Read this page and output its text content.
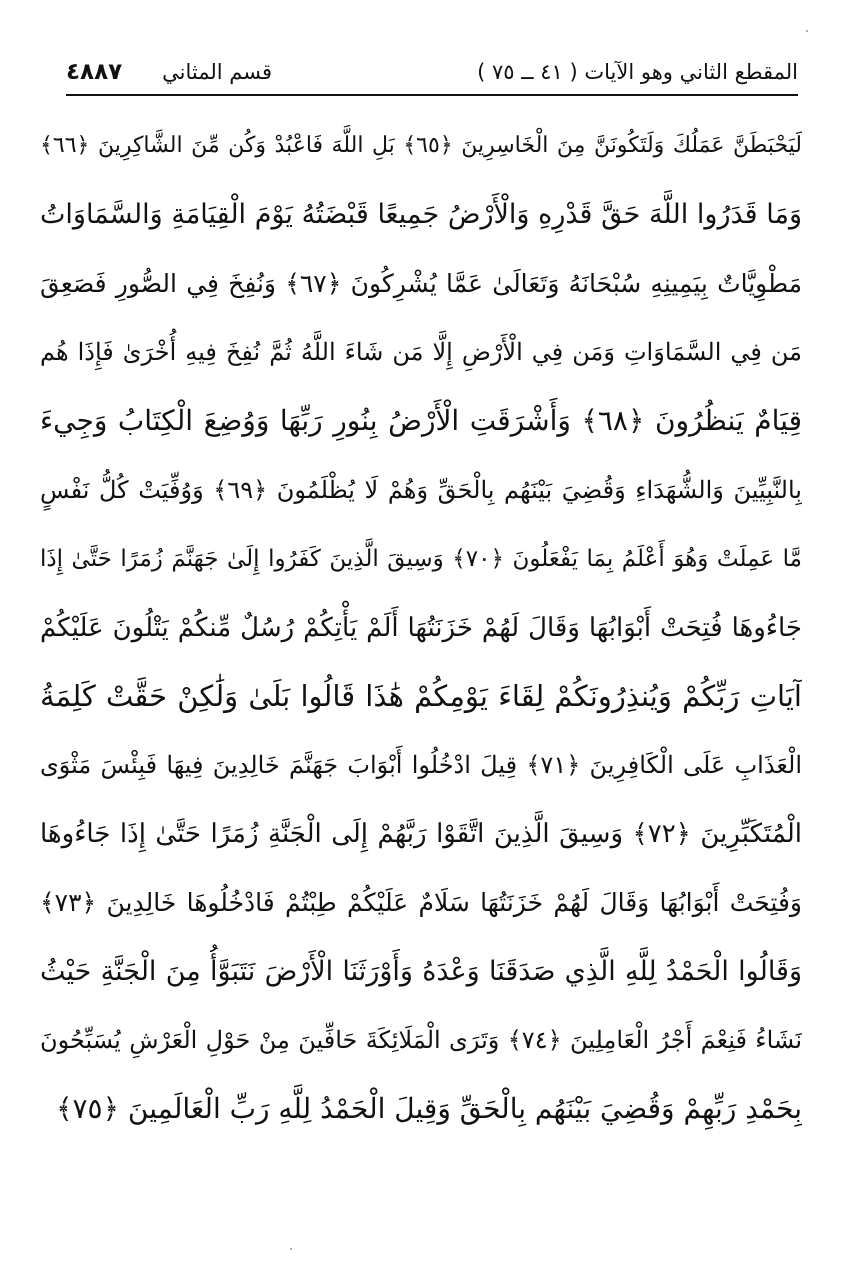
المقطع الثاني وهو الآيات ( ٤١ ــ ٧٥ )
قسم المثاني
٤٨٨٧
لَيَحْبَطَنَّ عَمَلُكَ وَلَتَكُونَنَّ مِنَ الْخَاسِرِينَ ﴿٦٥﴾ بَلِ اللَّهَ فَاعْبُدْ وَكُن مِّنَ الشَّاكِرِينَ ﴿٦٦﴾
وَمَا قَدَرُوا اللَّهَ حَقَّ قَدْرِهِ وَالْأَرْضُ جَمِيعًا قَبْضَتُهُ يَوْمَ الْقِيَامَةِ وَالسَّمَاوَاتُ
مَطْوِيَّاتٌ بِيَمِينِهِ سُبْحَانَهُ وَتَعَالَىٰ عَمَّا يُشْرِكُونَ ﴿٦٧﴾ وَنُفِخَ فِي الصُّورِ فَصَعِقَ
مَن فِي السَّمَاوَاتِ وَمَن فِي الْأَرْضِ إِلَّا مَن شَاءَ اللَّهُ ثُمَّ نُفِخَ فِيهِ أُخْرَىٰ فَإِذَا هُم
قِيَامٌ يَنظُرُونَ ﴿٦٨﴾ وَأَشْرَقَتِ الْأَرْضُ بِنُورِ رَبِّهَا وَوُضِعَ الْكِتَابُ وَجِيءَ
بِالنَّبِيِّينَ وَالشُّهَدَاءِ وَقُضِيَ بَيْنَهُم بِالْحَقِّ وَهُمْ لَا يُظْلَمُونَ ﴿٦٩﴾ وَوُفِّيَتْ كُلُّ نَفْسٍ
مَّا عَمِلَتْ وَهُوَ أَعْلَمُ بِمَا يَفْعَلُونَ ﴿٧٠﴾ وَسِيقَ الَّذِينَ كَفَرُوا إِلَىٰ جَهَنَّمَ زُمَرًا حَتَّىٰ إِذَا
جَاءُوهَا فُتِحَتْ أَبْوَابُهَا وَقَالَ لَهُمْ خَزَنَتُهَا أَلَمْ يَأْتِكُمْ رُسُلٌ مِّنكُمْ يَتْلُونَ عَلَيْكُمْ
آيَاتِ رَبِّكُمْ وَيُنذِرُونَكُمْ لِقَاءَ يَوْمِكُمْ هَٰذَا قَالُوا بَلَىٰ وَلَٰكِنْ حَقَّتْ كَلِمَةُ
الْعَذَابِ عَلَى الْكَافِرِينَ ﴿٧١﴾ قِيلَ ادْخُلُوا أَبْوَابَ جَهَنَّمَ خَالِدِينَ فِيهَا فَبِئْسَ مَثْوَى
الْمُتَكَبِّرِينَ ﴿٧٢﴾ وَسِيقَ الَّذِينَ اتَّقَوْا رَبَّهُمْ إِلَى الْجَنَّةِ زُمَرًا حَتَّىٰ إِذَا جَاءُوهَا
وَفُتِحَتْ أَبْوَابُهَا وَقَالَ لَهُمْ خَزَنَتُهَا سَلَامٌ عَلَيْكُمْ طِبْتُمْ فَادْخُلُوهَا خَالِدِينَ ﴿٧٣﴾
وَقَالُوا الْحَمْدُ لِلَّهِ الَّذِي صَدَقَنَا وَعْدَهُ وَأَوْرَثَنَا الْأَرْضَ نَتَبَوَّأُ مِنَ الْجَنَّةِ حَيْثُ
نَشَاءُ فَنِعْمَ أَجْرُ الْعَامِلِينَ ﴿٧٤﴾ وَتَرَى الْمَلَائِكَةَ حَافِّينَ مِنْ حَوْلِ الْعَرْشِ يُسَبِّحُونَ
بِحَمْدِ رَبِّهِمْ وَقُضِيَ بَيْنَهُم بِالْحَقِّ وَقِيلَ الْحَمْدُ لِلَّهِ رَبِّ الْعَالَمِينَ ﴿٧٥﴾
